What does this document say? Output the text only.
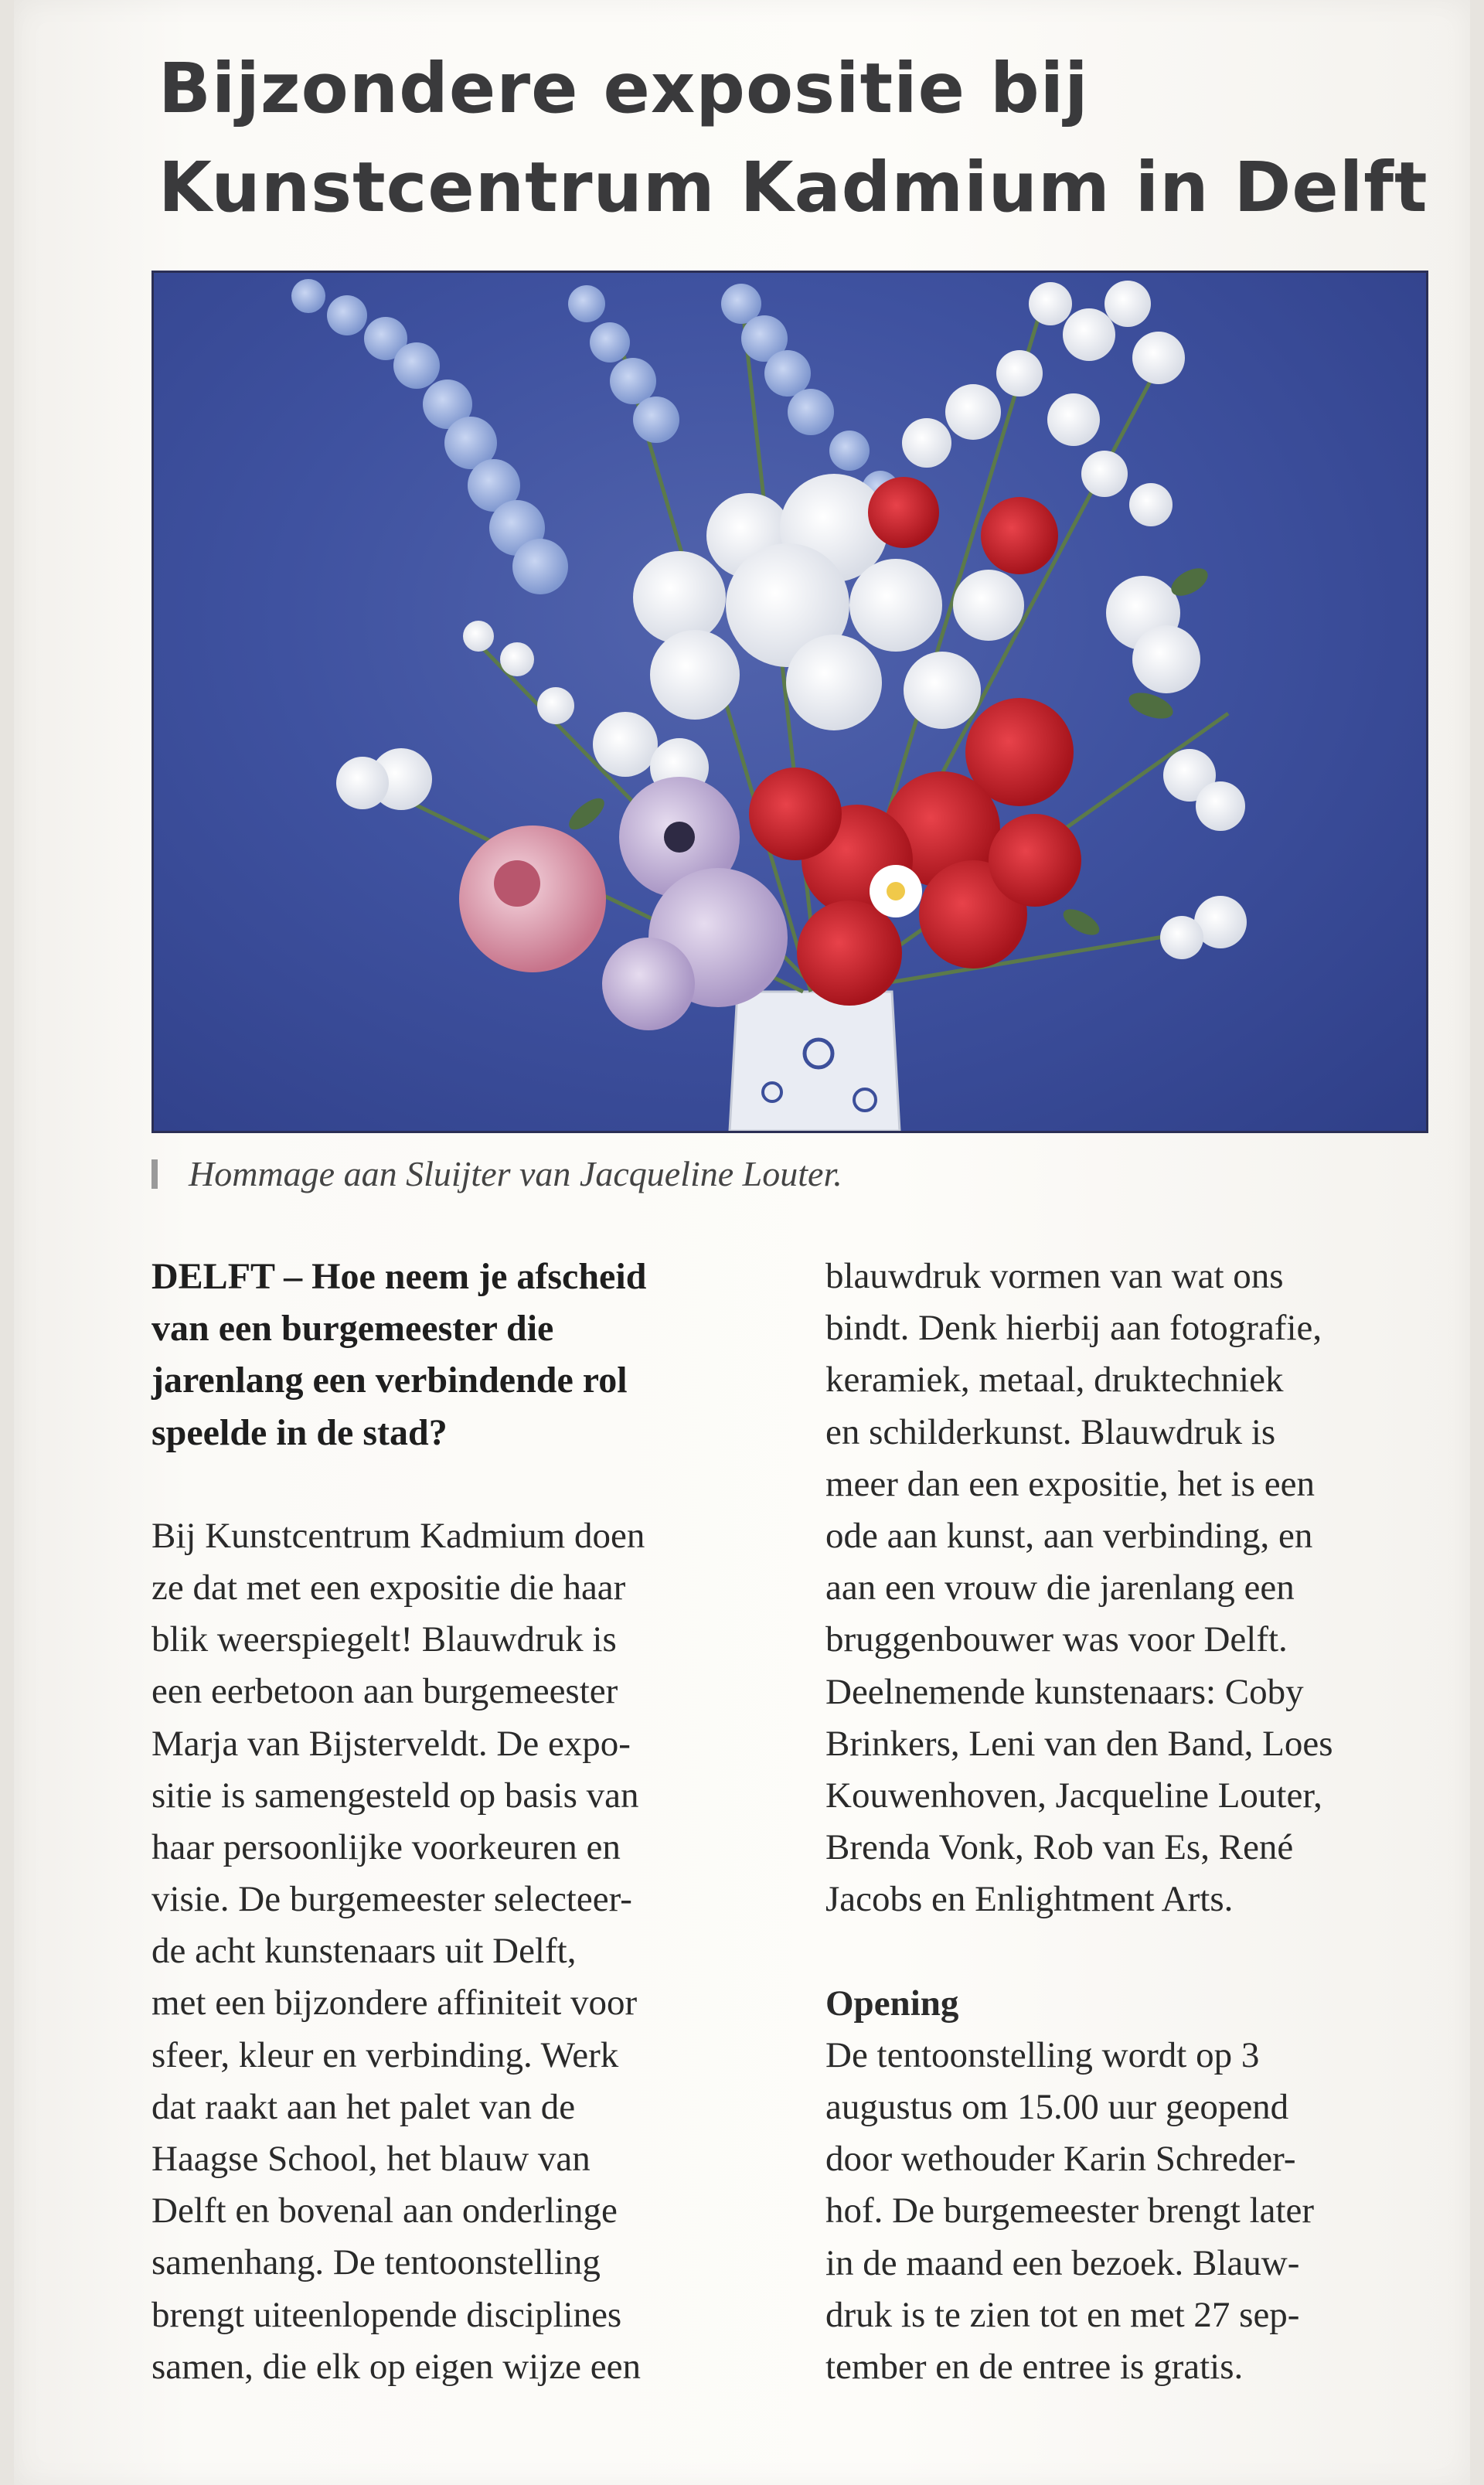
Bijzondere expositie bij
Kunstcentrum Kadmium in Delft
Hommage aan Sluijter van Jacqueline Louter.
DELFT – Hoe neem je afscheid
van een burgemeester die
jarenlang een verbindende rol
speelde in de stad?
Bij Kunstcentrum Kadmium doen
ze dat met een expositie die haar
blik weerspiegelt! Blauwdruk is
een eerbetoon aan burgemeester
Marja van Bijsterveldt. De expo-
sitie is samengesteld op basis van
haar persoonlijke voorkeuren en
visie. De burgemeester selecteer-
de acht kunstenaars uit Delft,
met een bijzondere affiniteit voor
sfeer, kleur en verbinding. Werk
dat raakt aan het palet van de
Haagse School, het blauw van
Delft en bovenal aan onderlinge
samenhang. De tentoonstelling
brengt uiteenlopende disciplines
samen, die elk op eigen wijze een
blauwdruk vormen van wat ons
bindt. Denk hierbij aan fotografie,
keramiek, metaal, druktechniek
en schilderkunst. Blauwdruk is
meer dan een expositie, het is een
ode aan kunst, aan verbinding, en
aan een vrouw die jarenlang een
bruggenbouwer was voor Delft.
Deelnemende kunstenaars: Coby
Brinkers, Leni van den Band, Loes
Kouwenhoven, Jacqueline Louter,
Brenda Vonk, Rob van Es, René
Jacobs en Enlightment Arts.
Opening
De tentoonstelling wordt op 3
augustus om 15.00 uur geopend
door wethouder Karin Schreder-
hof. De burgemeester brengt later
in de maand een bezoek. Blauw-
druk is te zien tot en met 27 sep-
tember en de entree is gratis.
